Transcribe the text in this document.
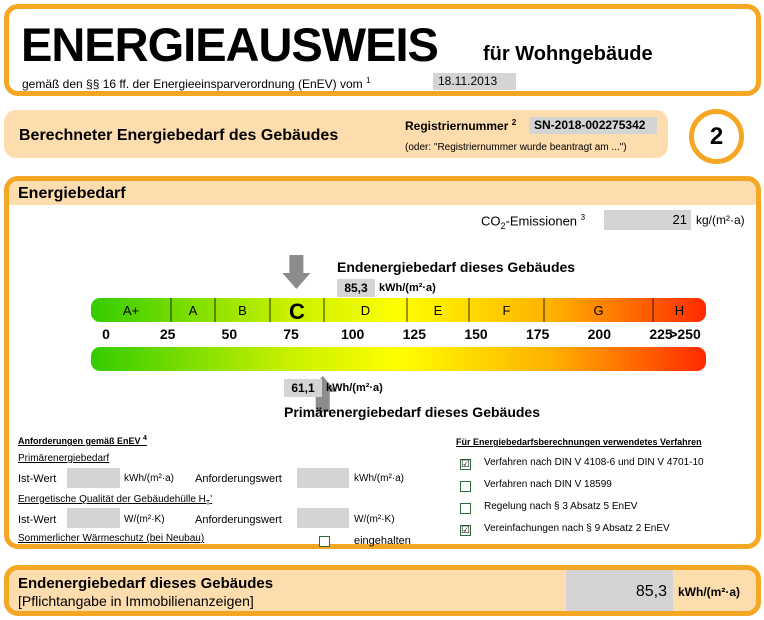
ENERGIEAUSWEIS für Wohngebäude
gemäß den §§ 16 ff. der Energieeinsparverordnung (EnEV) vom $^1$	18.11.2013
Berechneter Energiebedarf des Gebäudes
Registriernummer $^2$	SN-2018-002275342
(oder: "Registriernummer wurde beantragt am ...")	2
Energiebedarf
$CO_2$-Emissionen $^3$	21 kg/(m²·a)
Endenergiebedarf dieses Gebäudes
85,3	kWh/(m²·a)
A+	A	B C	D	E	F	G	H
0	25	50	75	100	125	150	175	200	225
>250
61,1	kWh/(m²·a)
Primärenergiebedarf dieses Gebäudes
Anforderungen gemäß EnEV $^4$
Primärenergiebedarf
Ist-Wert	kWh/(m²·a) Anforderungswert	kWh/(m²·a)
Energetische Qualität der Gebäudehülle $H_T'$
Ist-Wert	W/(m²·K)	Anforderungswert	W/(m²·K)
Sommerlicher Wärmeschutz (bei Neubau)	eingehalten
Für Energiebedarfsberechnungen verwendetes Verfahren
☑ Verfahren nach DIN V 4108-6 und DIN V 4701-10
Verfahren nach DIN V 18599
Regelung nach § 3 Absatz 5 EnEV
☑ Vereinfachungen nach § 9 Absatz 2 EnEV
Endenergiebedarf dieses Gebäudes
[Pflichtangabe in Immobilienanzeigen]
85,3 kWh/(m²·a)
